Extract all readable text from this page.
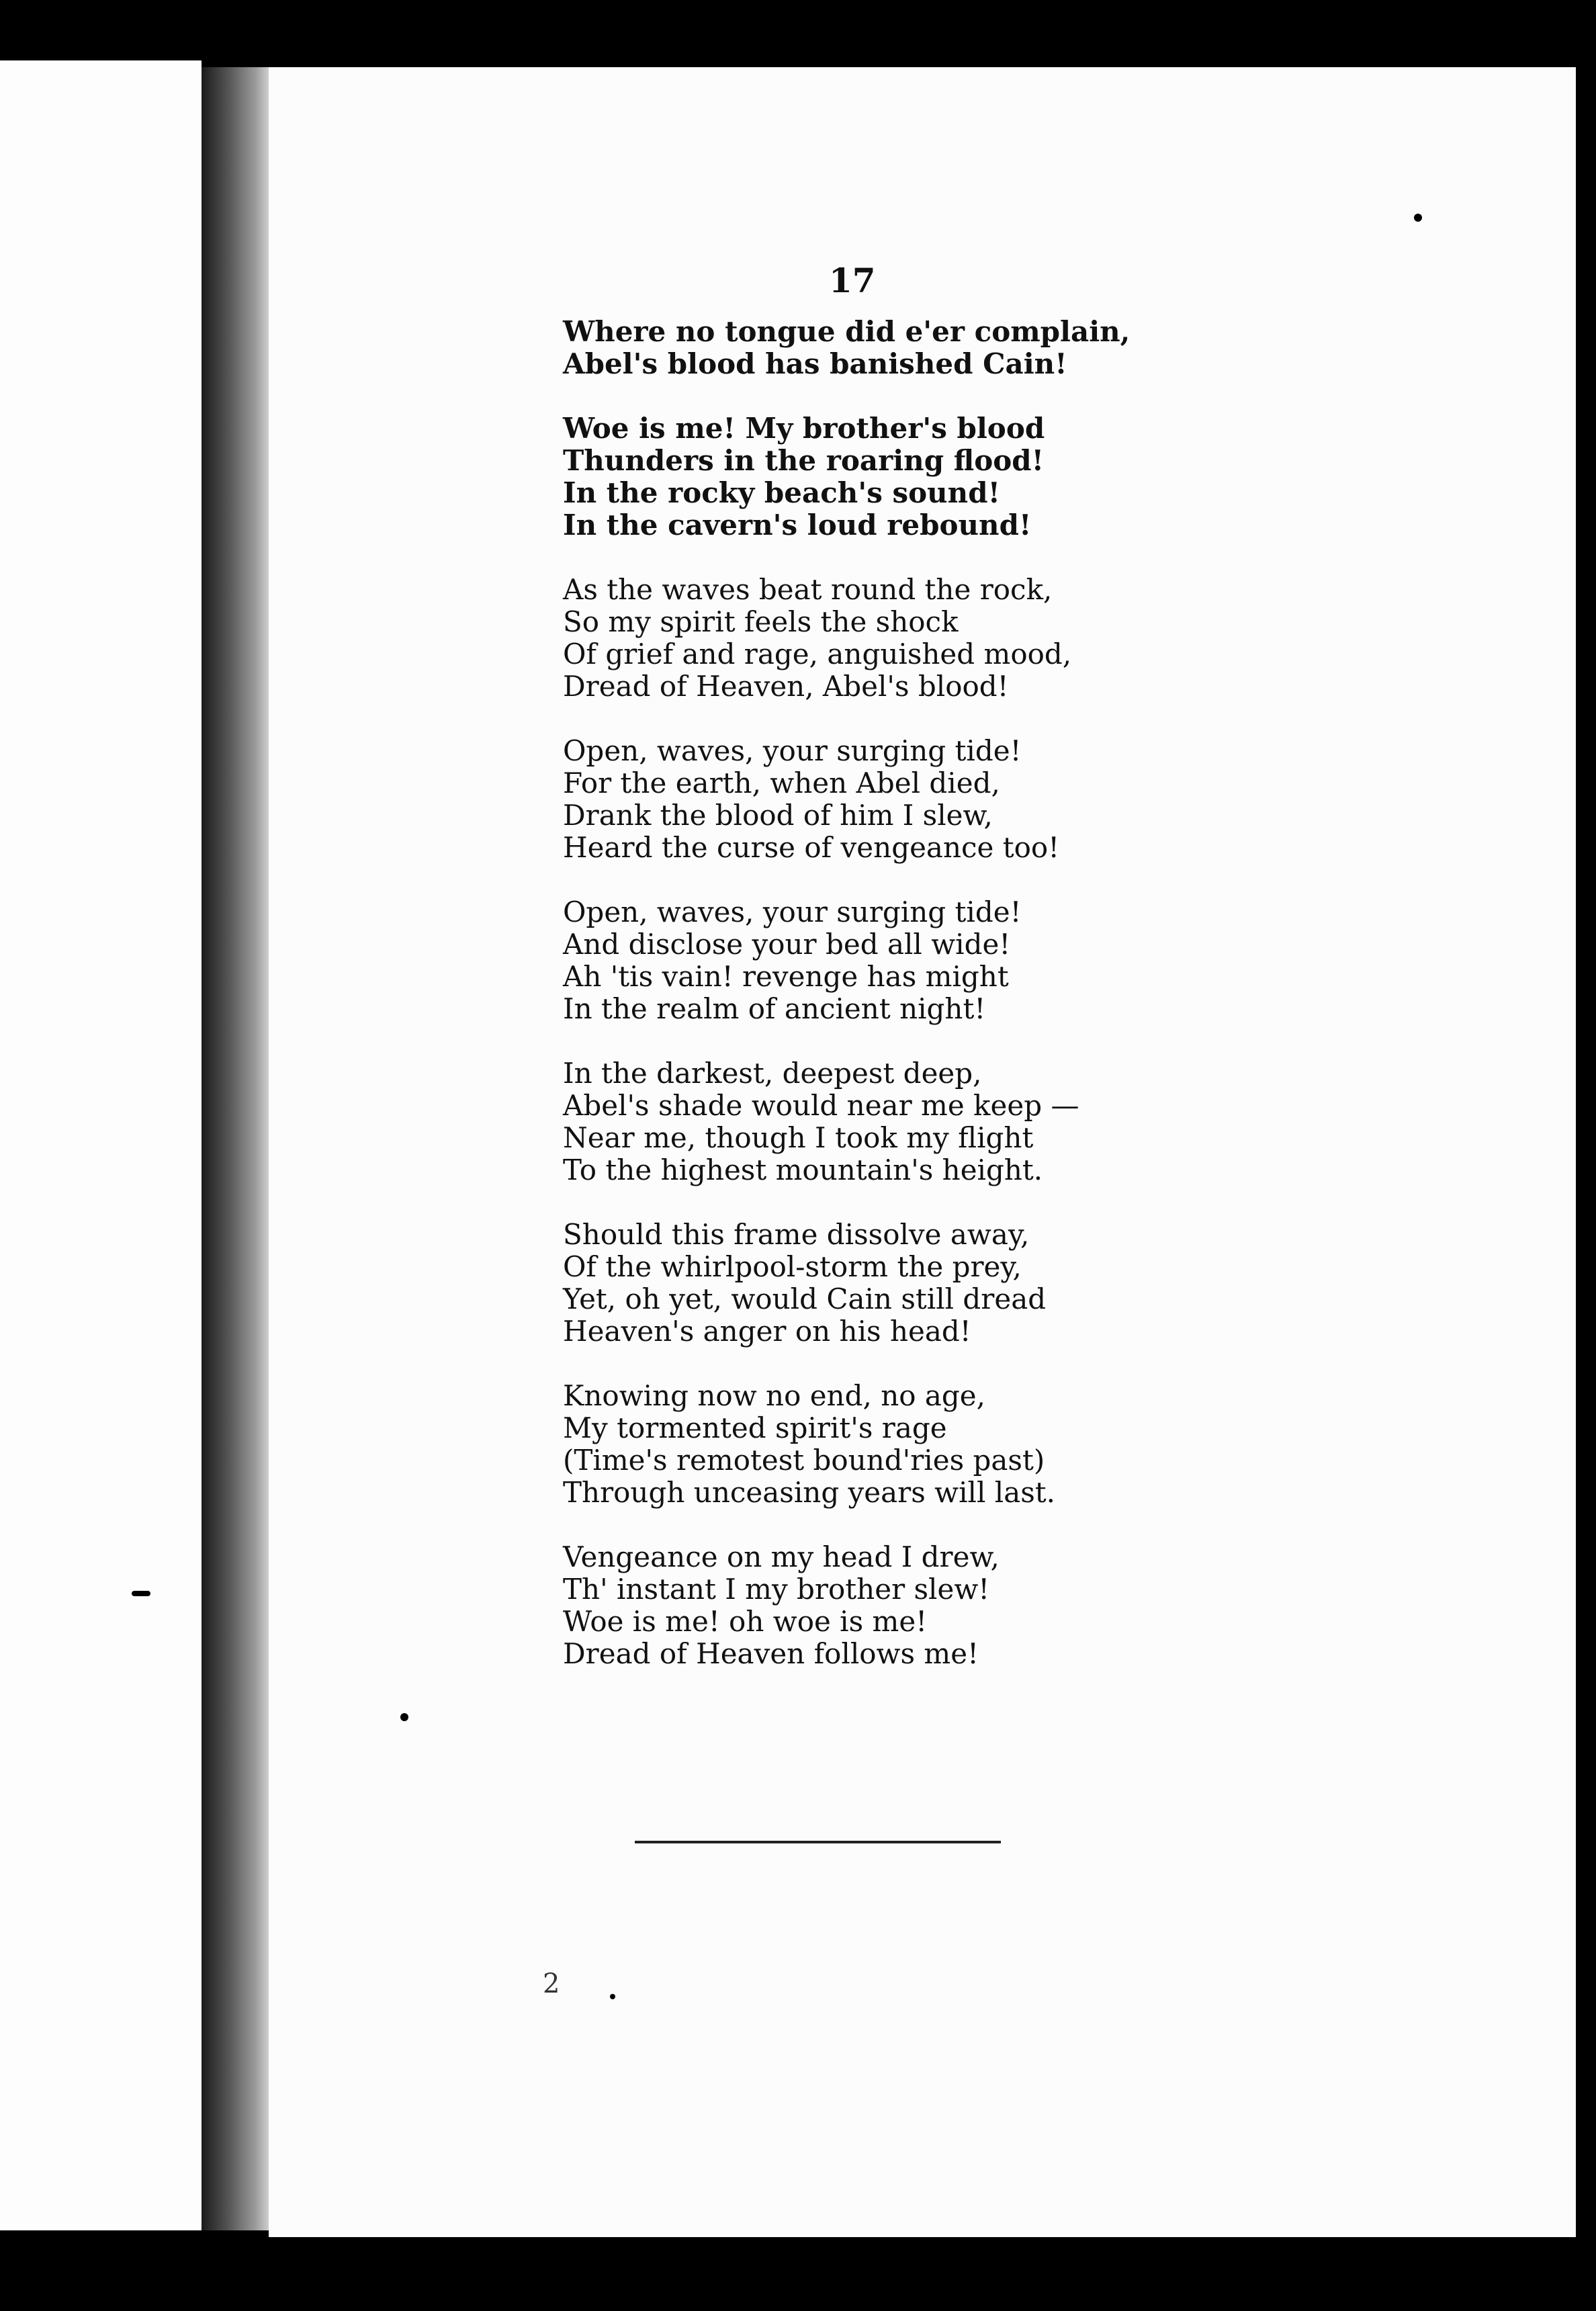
17
Where no tongue did e'er complain,
Abel's blood has banished Cain!
Woe is me! My brother's blood
Thunders in the roaring flood!
In the rocky beach's sound!
In the cavern's loud rebound!
As the waves beat round the rock,
So my spirit feels the shock
Of grief and rage, anguished mood,
Dread of Heaven, Abel's blood!
Open, waves, your surging tide!
For the earth, when Abel died,
Drank the blood of him I slew,
Heard the curse of vengeance too!
Open, waves, your surging tide!
And disclose your bed all wide!
Ah 'tis vain! revenge has might
In the realm of ancient night!
In the darkest, deepest deep,
Abel's shade would near me keep —
Near me, though I took my flight
To the highest mountain's height.
Should this frame dissolve away,
Of the whirlpool-storm the prey,
Yet, oh yet, would Cain still dread
Heaven's anger on his head!
Knowing now no end, no age,
My tormented spirit's rage
(Time's remotest bound'ries past)
Through unceasing years will last.
Vengeance on my head I drew,
Th' instant I my brother slew!
Woe is me! oh woe is me!
Dread of Heaven follows me!
2
